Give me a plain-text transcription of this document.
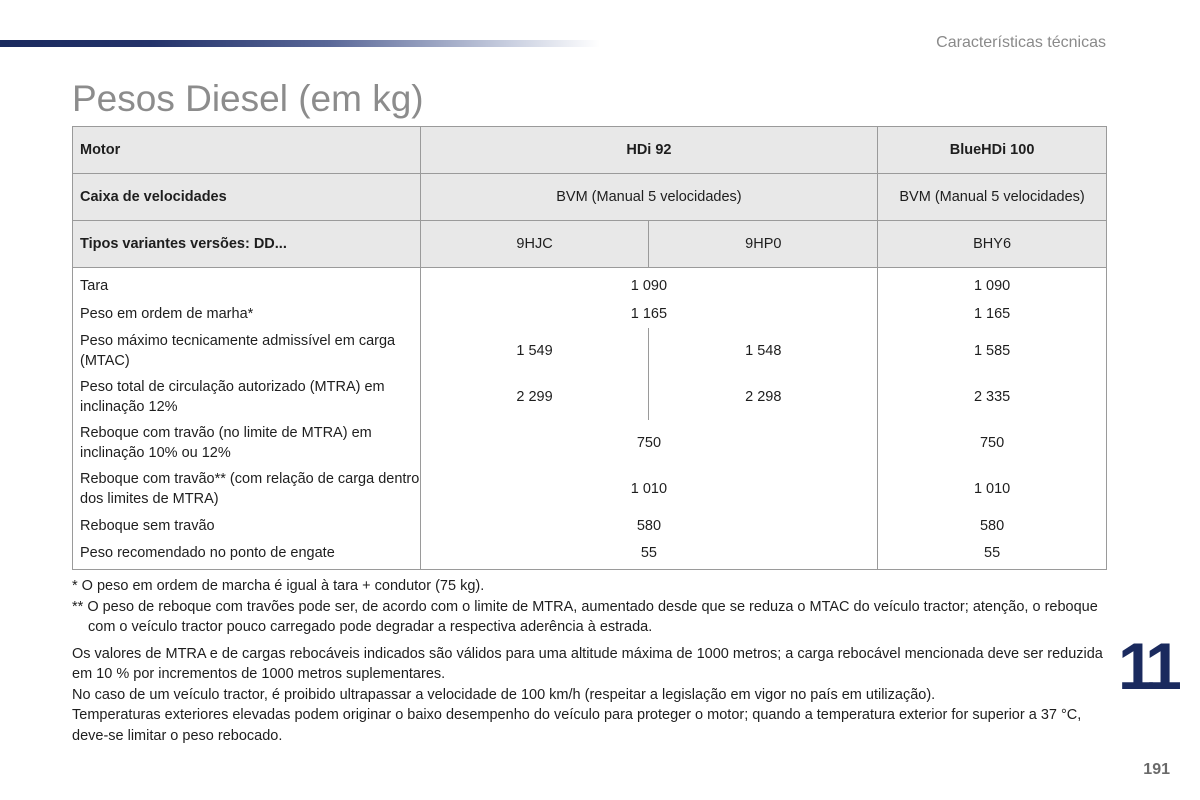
Características técnicas
Pesos Diesel (em kg)
Motor	HDi 92		BlueHDi 100
Caixa de velocidades	BVM (Manual 5 velocidades)		BVM (Manual 5 velocidades)
Tipos variantes versões: DD...	9HJC	9HP0	BHY6
Tara	1 090		1 090
Peso em ordem de marha*	1 165		1 165
Peso máximo tecnicamente admissível em carga (MTAC)	1 549	1 548	1 585
Peso total de circulação autorizado (MTRA) em inclinação 12%	2 299	2 298	2 335
Reboque com travão (no limite de MTRA) em inclinação 10% ou 12%	750		750
Reboque com travão** (com relação de carga dentro dos limites de MTRA)	1 010		1 010
Reboque sem travão	580		580
Peso recomendado no ponto de engate	55		55
* O peso em ordem de marcha é igual à tara + condutor (75 kg).
** O peso de reboque com travões pode ser, de acordo com o limite de MTRA, aumentado desde que se reduza o MTAC do veículo tractor; atenção, o reboque com o veículo tractor pouco carregado pode degradar a respectiva aderência à estrada.
Os valores de MTRA e de cargas rebocáveis indicados são válidos para uma altitude máxima de 1000 metros; a carga rebocável mencionada deve ser reduzida em 10 % por incrementos de 1000 metros suplementares.
No caso de um veículo tractor, é proibido ultrapassar a velocidade de 100 km/h (respeitar a legislação em vigor no país em utilização).
Temperaturas exteriores elevadas podem originar o baixo desempenho do veículo para proteger o motor; quando a temperatura exterior for superior a 37 °C, deve-se limitar o peso rebocado.
11
191
